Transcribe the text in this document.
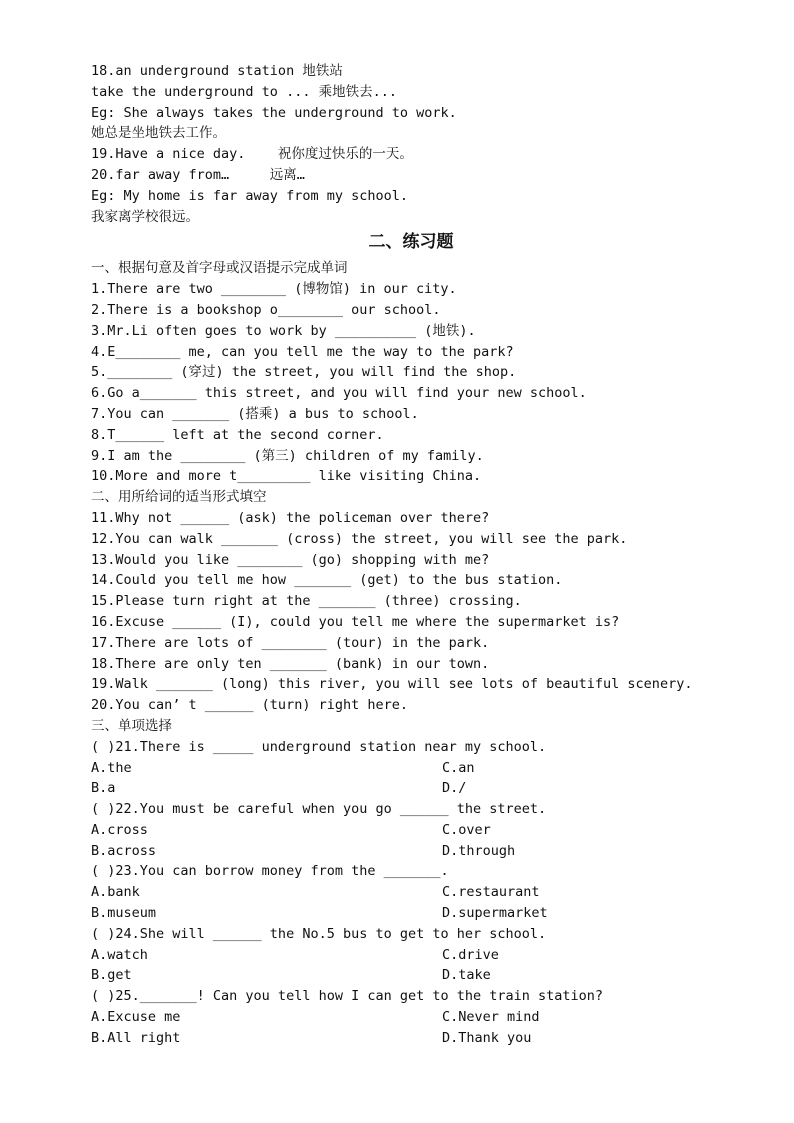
18.an underground station 地铁站
take the underground to ... 乘地铁去...
Eg: She always takes the underground to work.
她总是坐地铁去工作。
19.Have a nice day.    祝你度过快乐的一天。
20.far away from…     远离…
Eg: My home is far away from my school.
我家离学校很远。
二、练习题
一、根据句意及首字母或汉语提示完成单词
1.There are two ________ (博物馆) in our city.
2.There is a bookshop o________ our school.
3.Mr.Li often goes to work by __________ (地铁).
4.E________ me, can you tell me the way to the park?
5.________ (穿过) the street, you will find the shop.
6.Go a_______ this street, and you will find your new school.
7.You can _______ (搭乘) a bus to school.
8.T______ left at the second corner.
9.I am the ________ (第三) children of my family.
10.More and more t_________ like visiting China.
二、用所给词的适当形式填空
11.Why not ______ (ask) the policeman over there?
12.You can walk _______ (cross) the street, you will see the park.
13.Would you like ________ (go) shopping with me?
14.Could you tell me how _______ (get) to the bus station.
15.Please turn right at the _______ (three) crossing.
16.Excuse ______ (I), could you tell me where the supermarket is?
17.There are lots of ________ (tour) in the park.
18.There are only ten _______ (bank) in our town.
19.Walk _______ (long) this river, you will see lots of beautiful scenery.
20.You can’ t ______ (turn) right here.
三、单项选择
( )21.There is _____ underground station near my school.
A.the	C.an
B.a	D./
( )22.You must be careful when you go ______ the street.
A.cross	C.over
B.across	D.through
( )23.You can borrow money from the _______.
A.bank	C.restaurant
B.museum	D.supermarket
( )24.She will ______ the No.5 bus to get to her school.
A.watch	C.drive
B.get	D.take
( )25._______! Can you tell how I can get to the train station?
A.Excuse me	C.Never mind
B.All right	D.Thank you
